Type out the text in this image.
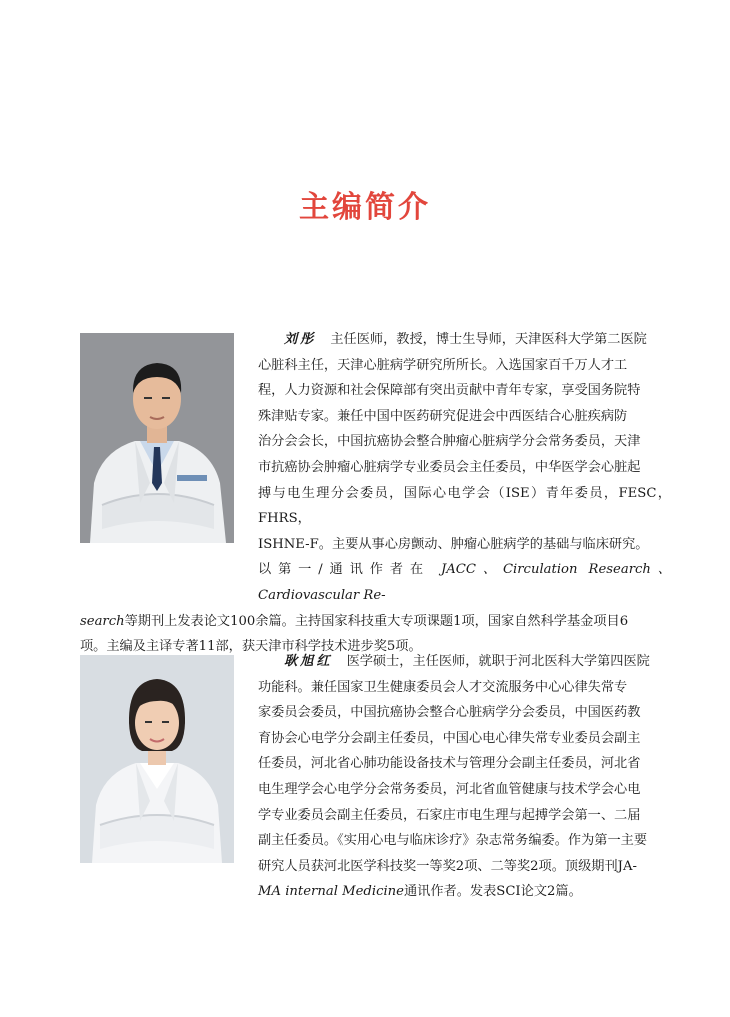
主编简介
刘彤 主任医师，教授，博士生导师，天津医科大学第二医院
心脏科主任，天津心脏病学研究所所长。入选国家百千万人才工
程，人力资源和社会保障部有突出贡献中青年专家，享受国务院特
殊津贴专家。兼任中国中医药研究促进会中西医结合心脏疾病防
治分会会长，中国抗癌协会整合肿瘤心脏病学分会常务委员，天津
市抗癌协会肿瘤心脏病学专业委员会主任委员，中华医学会心脏起
搏与电生理分会委员，国际心电学会（ISE）青年委员，FESC，FHRS，
ISHNE-F。主要从事心房颤动、肿瘤心脏病学的基础与临床研究。
以第一/通讯作者在 JACC、Circulation Research、Cardiovascular Re-
search等期刊上发表论文100余篇。主持国家科技重大专项课题1项，国家自然科学基金项目6
项。主编及主译专著11部，获天津市科学技术进步奖5项。
耿旭红 医学硕士，主任医师，就职于河北医科大学第四医院
功能科。兼任国家卫生健康委员会人才交流服务中心心律失常专
家委员会委员，中国抗癌协会整合心脏病学分会委员，中国医药教
育协会心电学分会副主任委员，中国心电心律失常专业委员会副主
任委员，河北省心肺功能设备技术与管理分会副主任委员，河北省
电生理学会心电学分会常务委员，河北省血管健康与技术学会心电
学专业委员会副主任委员，石家庄市电生理与起搏学会第一、二届
副主任委员。《实用心电与临床诊疗》杂志常务编委。作为第一主要
研究人员获河北医学科技奖一等奖2项、二等奖2项。顶级期刊JA-
MA internal Medicine通讯作者。发表SCI论文2篇。
